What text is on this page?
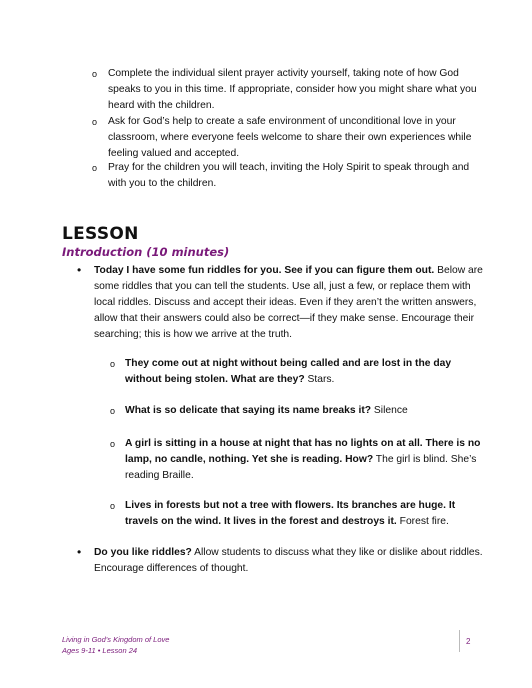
o Complete the individual silent prayer activity yourself, taking note of how God speaks to you in this time. If appropriate, consider how you might share what you heard with the children.
o Ask for God’s help to create a safe environment of unconditional love in your classroom, where everyone feels welcome to share their own experiences while feeling valued and accepted.
o Pray for the children you will teach, inviting the Holy Spirit to speak through and with you to the children.
LESSON
Introduction (10 minutes)
• Today I have some fun riddles for you. See if you can figure them out. Below are some riddles that you can tell the students. Use all, just a few, or replace them with local riddles. Discuss and accept their ideas. Even if they aren’t the written answers, allow that their answers could also be correct—if they make sense. Encourage their searching; this is how we arrive at the truth.
o They come out at night without being called and are lost in the day without being stolen. What are they? Stars.
o What is so delicate that saying its name breaks it? Silence
o A girl is sitting in a house at night that has no lights on at all. There is no lamp, no candle, nothing. Yet she is reading. How? The girl is blind. She’s reading Braille.
o Lives in forests but not a tree with flowers. Its branches are huge. It travels on the wind. It lives in the forest and destroys it. Forest fire.
• Do you like riddles? Allow students to discuss what they like or dislike about riddles. Encourage differences of thought.
Living in God’s Kingdom of Love
Ages 9-11 • Lesson 24
2
